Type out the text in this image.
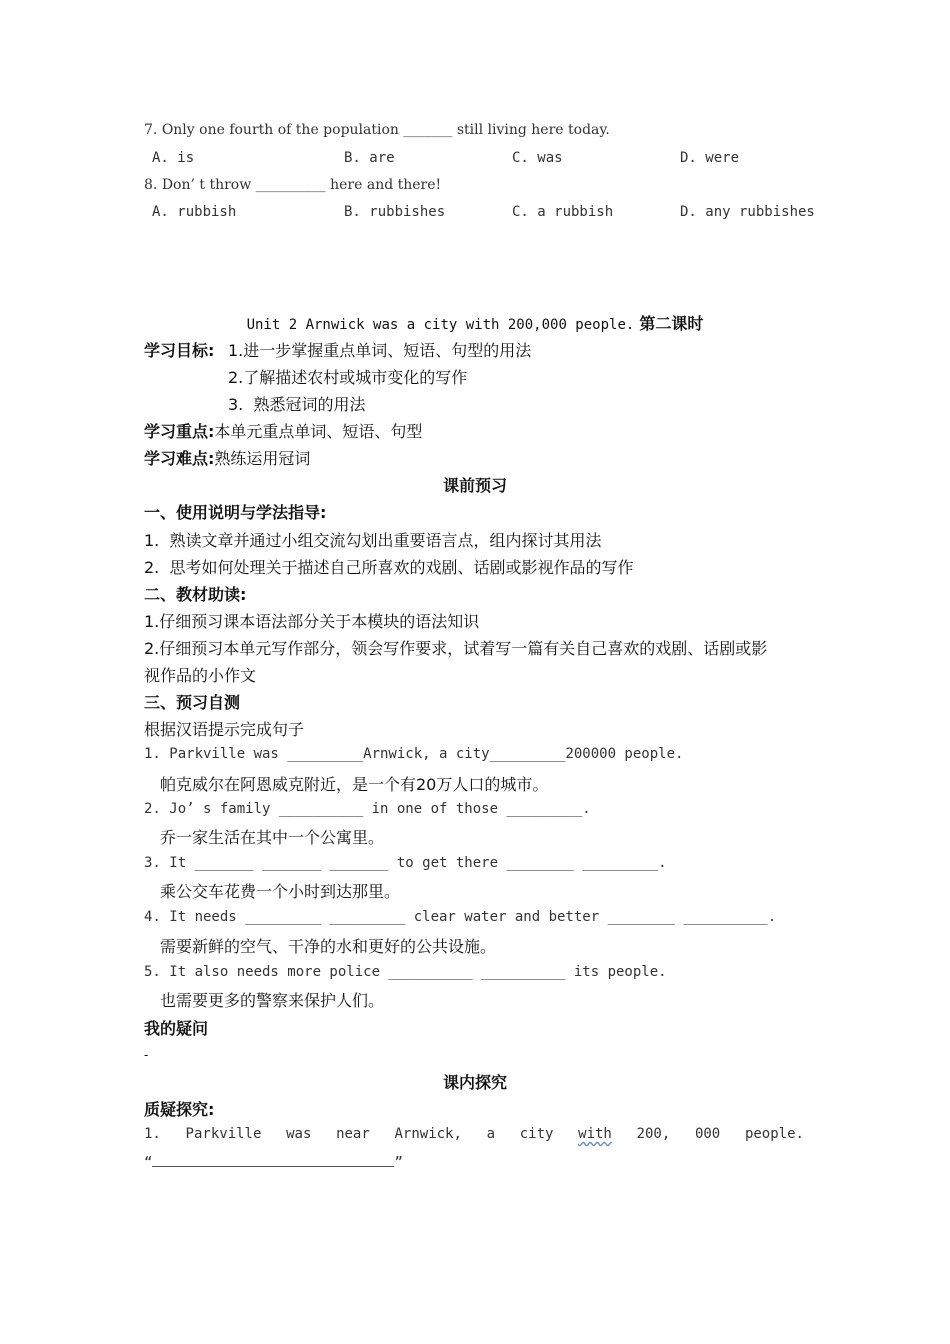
7. Only one fourth of the population _______ still living here today.
A. is	B. are	C. was	D. were
8. Don’ t throw __________ here and there!
A. rubbish	B. rubbishes	C. a rubbish	D. any rubbishes
Unit 2 Arnwick was a city with 200,000 people. 第二课时
学习目标: 1.进一步掌握重点单词、短语、句型的用法
2.了解描述农村或城市变化的写作
3.  熟悉冠词的用法
学习重点:本单元重点单词、短语、句型
学习难点:熟练运用冠词
课前预习
一、使用说明与学法指导:
1.  熟读文章并通过小组交流勾划出重要语言点，组内探讨其用法
2.  思考如何处理关于描述自己所喜欢的戏剧、话剧或影视作品的写作
二、教材助读:
1.仔细预习课本语法部分关于本模块的语法知识
2.仔细预习本单元写作部分，领会写作要求，试着写一篇有关自己喜欢的戏剧、话剧或影
视作品的小作文
三、预习自测
根据汉语提示完成句子
1. Parkville was _________Arnwick, a city_________200000 people.
帕克威尔在阿恩威克附近，是一个有20万人口的城市。
2. Jo’ s family __________ in one of those _________.
乔一家生活在其中一个公寓里。
3. It _______ _______ _______ to get there ________ _________.
乘公交车花费一个小时到达那里。
4. It needs _________ _________ clear water and better ________ __________.
需要新鲜的空气、干净的水和更好的公共设施。
5. It also needs more police __________ __________ its people.
也需要更多的警察来保护人们。
我的疑问
-
课内探究
质疑探究:
1. Parkville was near Arnwick, a city with 200, 000 people.
“	”
